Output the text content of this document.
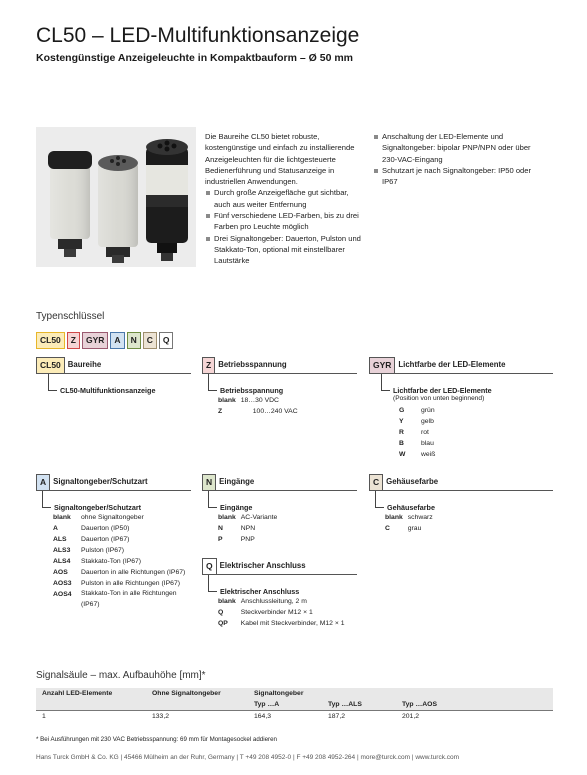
CL50 – LED-Multifunktionsanzeige
Kostengünstige Anzeigeleuchte in Kompaktbauform – Ø 50 mm

Die Baureihe CL50 bietet robuste, kostengünstige und einfach zu installierende Anzeigeleuchten für die lichtgesteuerte Bedienerführung und Statusanzeige in industriellen Anwendungen.

Durch große Anzeigefläche gut sichtbar, auch aus weiter Entfernung

Fünf verschiedene LED-Farben, bis zu drei Farben pro Leuchte möglich

Drei Signaltongeber: Dauerton, Pulston und Stakkato-Ton, optional mit einstellbarer Lautstärke

Anschaltung der LED-Elemente und Signaltongeber: bipolar PNP/NPN oder über 230-VAC-Eingang

Schutzart je nach Signaltongeber: IP50 oder IP67

Typenschlüssel
CL50	Z	GYR	A	N	C	Q
CL50 Baureihe
CL50-Multifunktionsanzeige
Z Betriebsspannung
Betriebsspannung
blank	18…30 VDC
Z	100…240 VAC
GYR Lichtfarbe der LED-Elemente
Lichtfarbe der LED-Elemente
(Position von unten beginnend)
G	grün
Y	gelb
R	rot
B	blau
W	weiß
A Signaltongeber/Schutzart
Signaltongeber/Schutzart
blank	ohne Signaltongeber
A	Dauerton (IP50)
ALS	Dauerton (IP67)
ALS3	Pulston (IP67)
ALS4	Stakkato-Ton (IP67)
AOS	Dauerton in alle Richtungen (IP67)
AOS3	Pulston in alle Richtungen (IP67)
AOS4	Stakkato-Ton in alle Richtungen
	(IP67)
N Eingänge
Eingänge
blank	AC-Variante
N	NPN
P	PNP
Q Elektrischer Anschluss
Elektrischer Anschluss
blank	Anschlussleitung, 2 m
Q	Steckverbinder M12 × 1
QP	Kabel mit Steckverbinder, M12 × 1
C Gehäusefarbe
Gehäusefarbe
blank	schwarz
C	grau
Signalsäule – max. Aufbauhöhe [mm]*
Anzahl LED-Elemente	Ohne Signaltongeber	Signaltongeber		
		Typ …A	Typ …ALS	Typ …AOS
1	133,2	164,3	187,2	201,2
* Bei Ausführungen mit 230 VAC Betriebsspannung: 69 mm für Montagesockel addieren
Hans Turck GmbH & Co. KG | 45466 Mülheim an der Ruhr, Germany | T +49 208 4952-0 | F +49 208 4952-264 | more@turck.com | www.turck.com
